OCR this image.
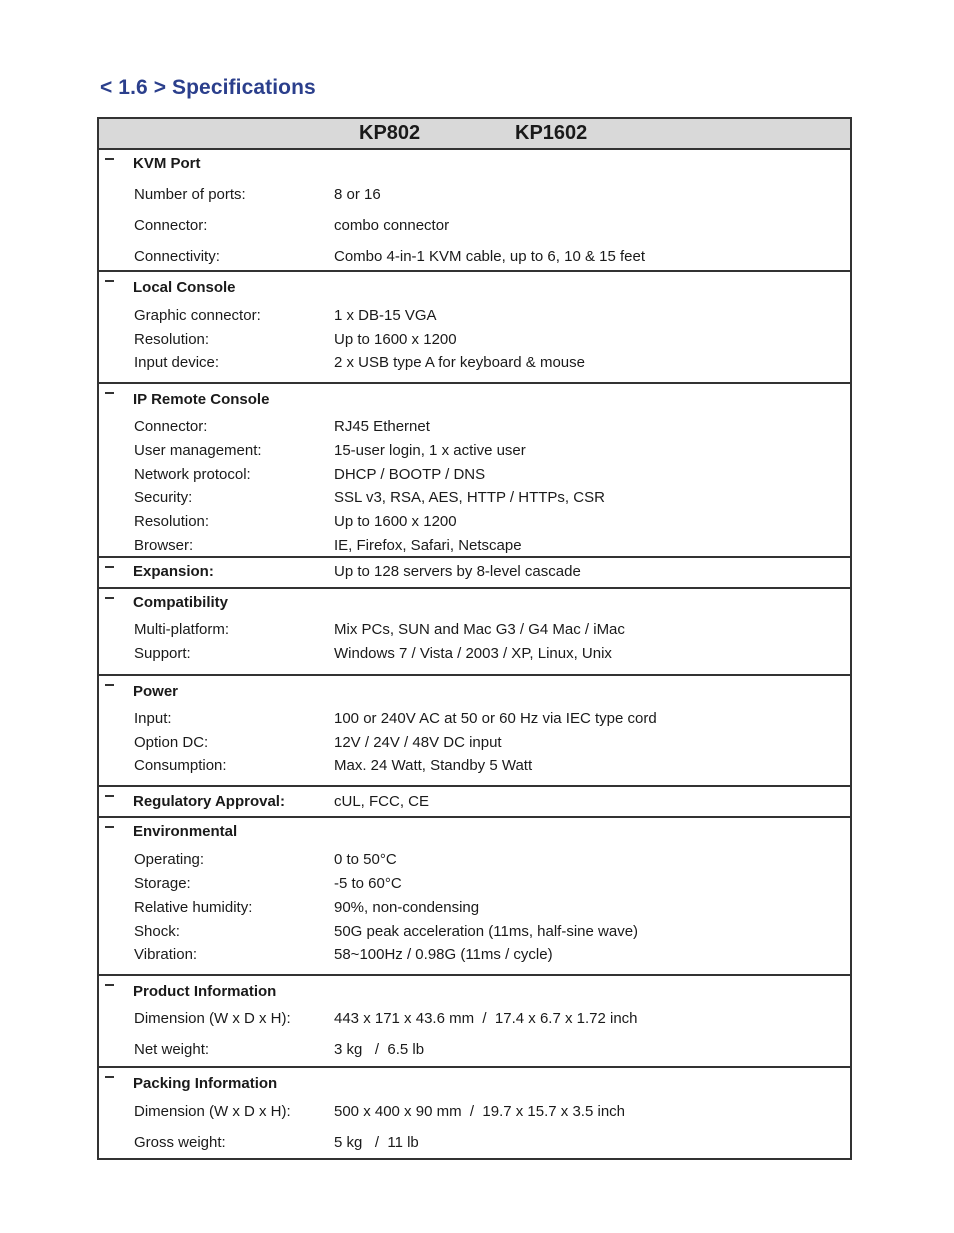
< 1.6 > Specifications
KP802	KP1602
KVM Port
Number of ports:	8 or 16
Connector:	combo connector
Connectivity:	Combo 4-in-1 KVM cable, up to 6, 10 & 15 feet
Local Console
Graphic connector:	1 x DB-15 VGA
Resolution:	Up to 1600 x 1200
Input device:	2 x USB type A for keyboard & mouse
IP Remote Console
Connector:	RJ45 Ethernet
User management:	15-user login, 1 x active user
Network protocol:	DHCP / BOOTP / DNS
Security:	SSL v3, RSA, AES, HTTP / HTTPs, CSR
Resolution:	Up to 1600 x 1200
Browser:	IE, Firefox, Safari, Netscape
Expansion:	Up to 128 servers by 8-level cascade
Compatibility
Multi-platform:	Mix PCs, SUN and Mac G3 / G4 Mac / iMac
Support:	Windows 7 / Vista / 2003 / XP, Linux, Unix
Power
Input:	100 or 240V AC at 50 or 60 Hz via IEC type cord
Option DC:	12V / 24V / 48V DC input
Consumption:	Max. 24 Watt, Standby 5 Watt
Regulatory Approval:	cUL, FCC, CE
Environmental
Operating:	0 to 50°C
Storage:	-5 to 60°C
Relative humidity:	90%, non-condensing
Shock:	50G peak acceleration (11ms, half-sine wave)
Vibration:	58~100Hz / 0.98G (11ms / cycle)
Product Information
Dimension (W x D x H):	443 x 171 x 43.6 mm  /  17.4 x 6.7 x 1.72 inch
Net weight:	3 kg   /  6.5 lb
Packing Information
Dimension (W x D x H):	500 x 400 x 90 mm  /  19.7 x 15.7 x 3.5 inch
Gross weight:	5 kg   /  11 lb
